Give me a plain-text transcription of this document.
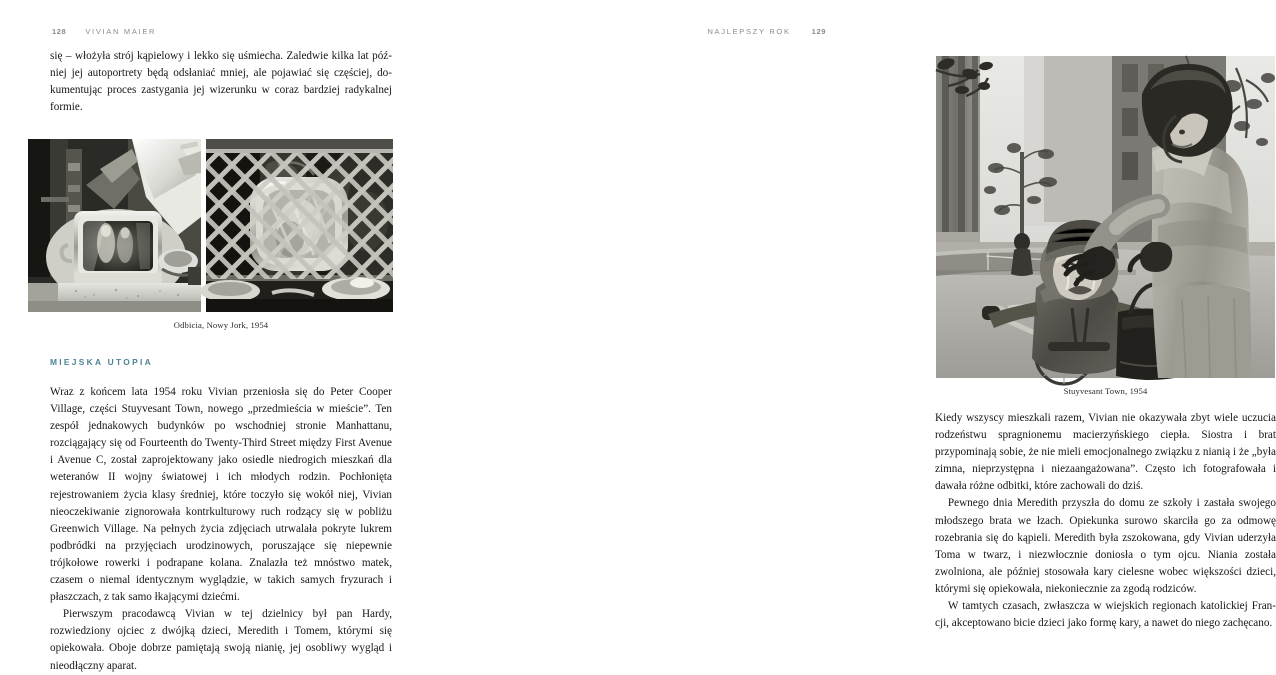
128	VIVIAN MAIER

się – włożyła strój kąpielowy i lekko się uśmiecha. Zaledwie kilka lat później jej autoportrety będą odsłaniać mniej, ale pojawiać się częściej, dokumentując proces zastygania jej wizerunku w coraz bardziej radykalnej formie.

Odbicia, Nowy Jork, 1954
MIEJSKA UTOPIA

Wraz z końcem lata 1954 roku Vivian przeniosła się do Peter Cooper Village, części Stuyvesant Town, nowego „przedmieścia w mieście”. Ten zespół jednakowych budynków po wschodniej stronie Manhattanu, rozciągający się od Fourteenth do Twenty-Third Street między First Avenue i Avenue C, został zaprojektowany jako osiedle niedrogich mieszkań dla weteranów II wojny światowej i ich młodych rodzin. Pochłonięta rejestrowaniem życia klasy średniej, które toczyło się wokół niej, Vivian nieoczekiwanie zignorowała kontrkulturowy ruch rodzący się w pobliżu Greenwich Village. Na pełnych życia zdjęciach utrwalała pokryte lukrem podbródki na przyjęciach urodzinowych, poruszające się niepewnie trójkołowe rowerki i podrapane kolana. Znalazła też mnóstwo matek, czasem o niemal identycznym wyglądzie, w takich samych fryzurach i płaszczach, z tak samo łkającymi dziećmi.

Pierwszym pracodawcą Vivian w tej dzielnicy był pan Hardy, rozwiedziony ojciec z dwójką dzieci, Meredith i Tomem, którymi się opiekowała. Oboje dobrze pamiętają swoją nianię, jej osobliwy wygląd i nieodłączny aparat.

NAJLEPSZY ROK	129
Stuyvesant Town, 1954

Kiedy wszyscy mieszkali razem, Vivian nie okazywała zbyt wiele uczucia rodzeństwu spragnionemu macierzyńskiego ciepła. Siostra i brat przypominają sobie, że nie mieli emocjonalnego związku z nianią i że „była zimna, nieprzystępna i niezaangażowana”. Często ich fotografowała i dawała różne odbitki, które zachowali do dziś.

Pewnego dnia Meredith przyszła do domu ze szkoły i zastała swojego młodszego brata we łzach. Opiekunka surowo skarciła go za odmowę rozebrania się do kąpieli. Meredith była zszokowana, gdy Vivian uderzyła Toma w twarz, i niezwłocznie doniosła o tym ojcu. Niania została zwolniona, ale później stosowała kary cielesne wobec większości dzieci, którymi się opiekowała, niekoniecznie za zgodą rodziców.

W tamtych czasach, zwłaszcza w wiejskich regionach katolickiej Francji, akceptowano bicie dzieci jako formę kary, a nawet do niego zachęcano.
